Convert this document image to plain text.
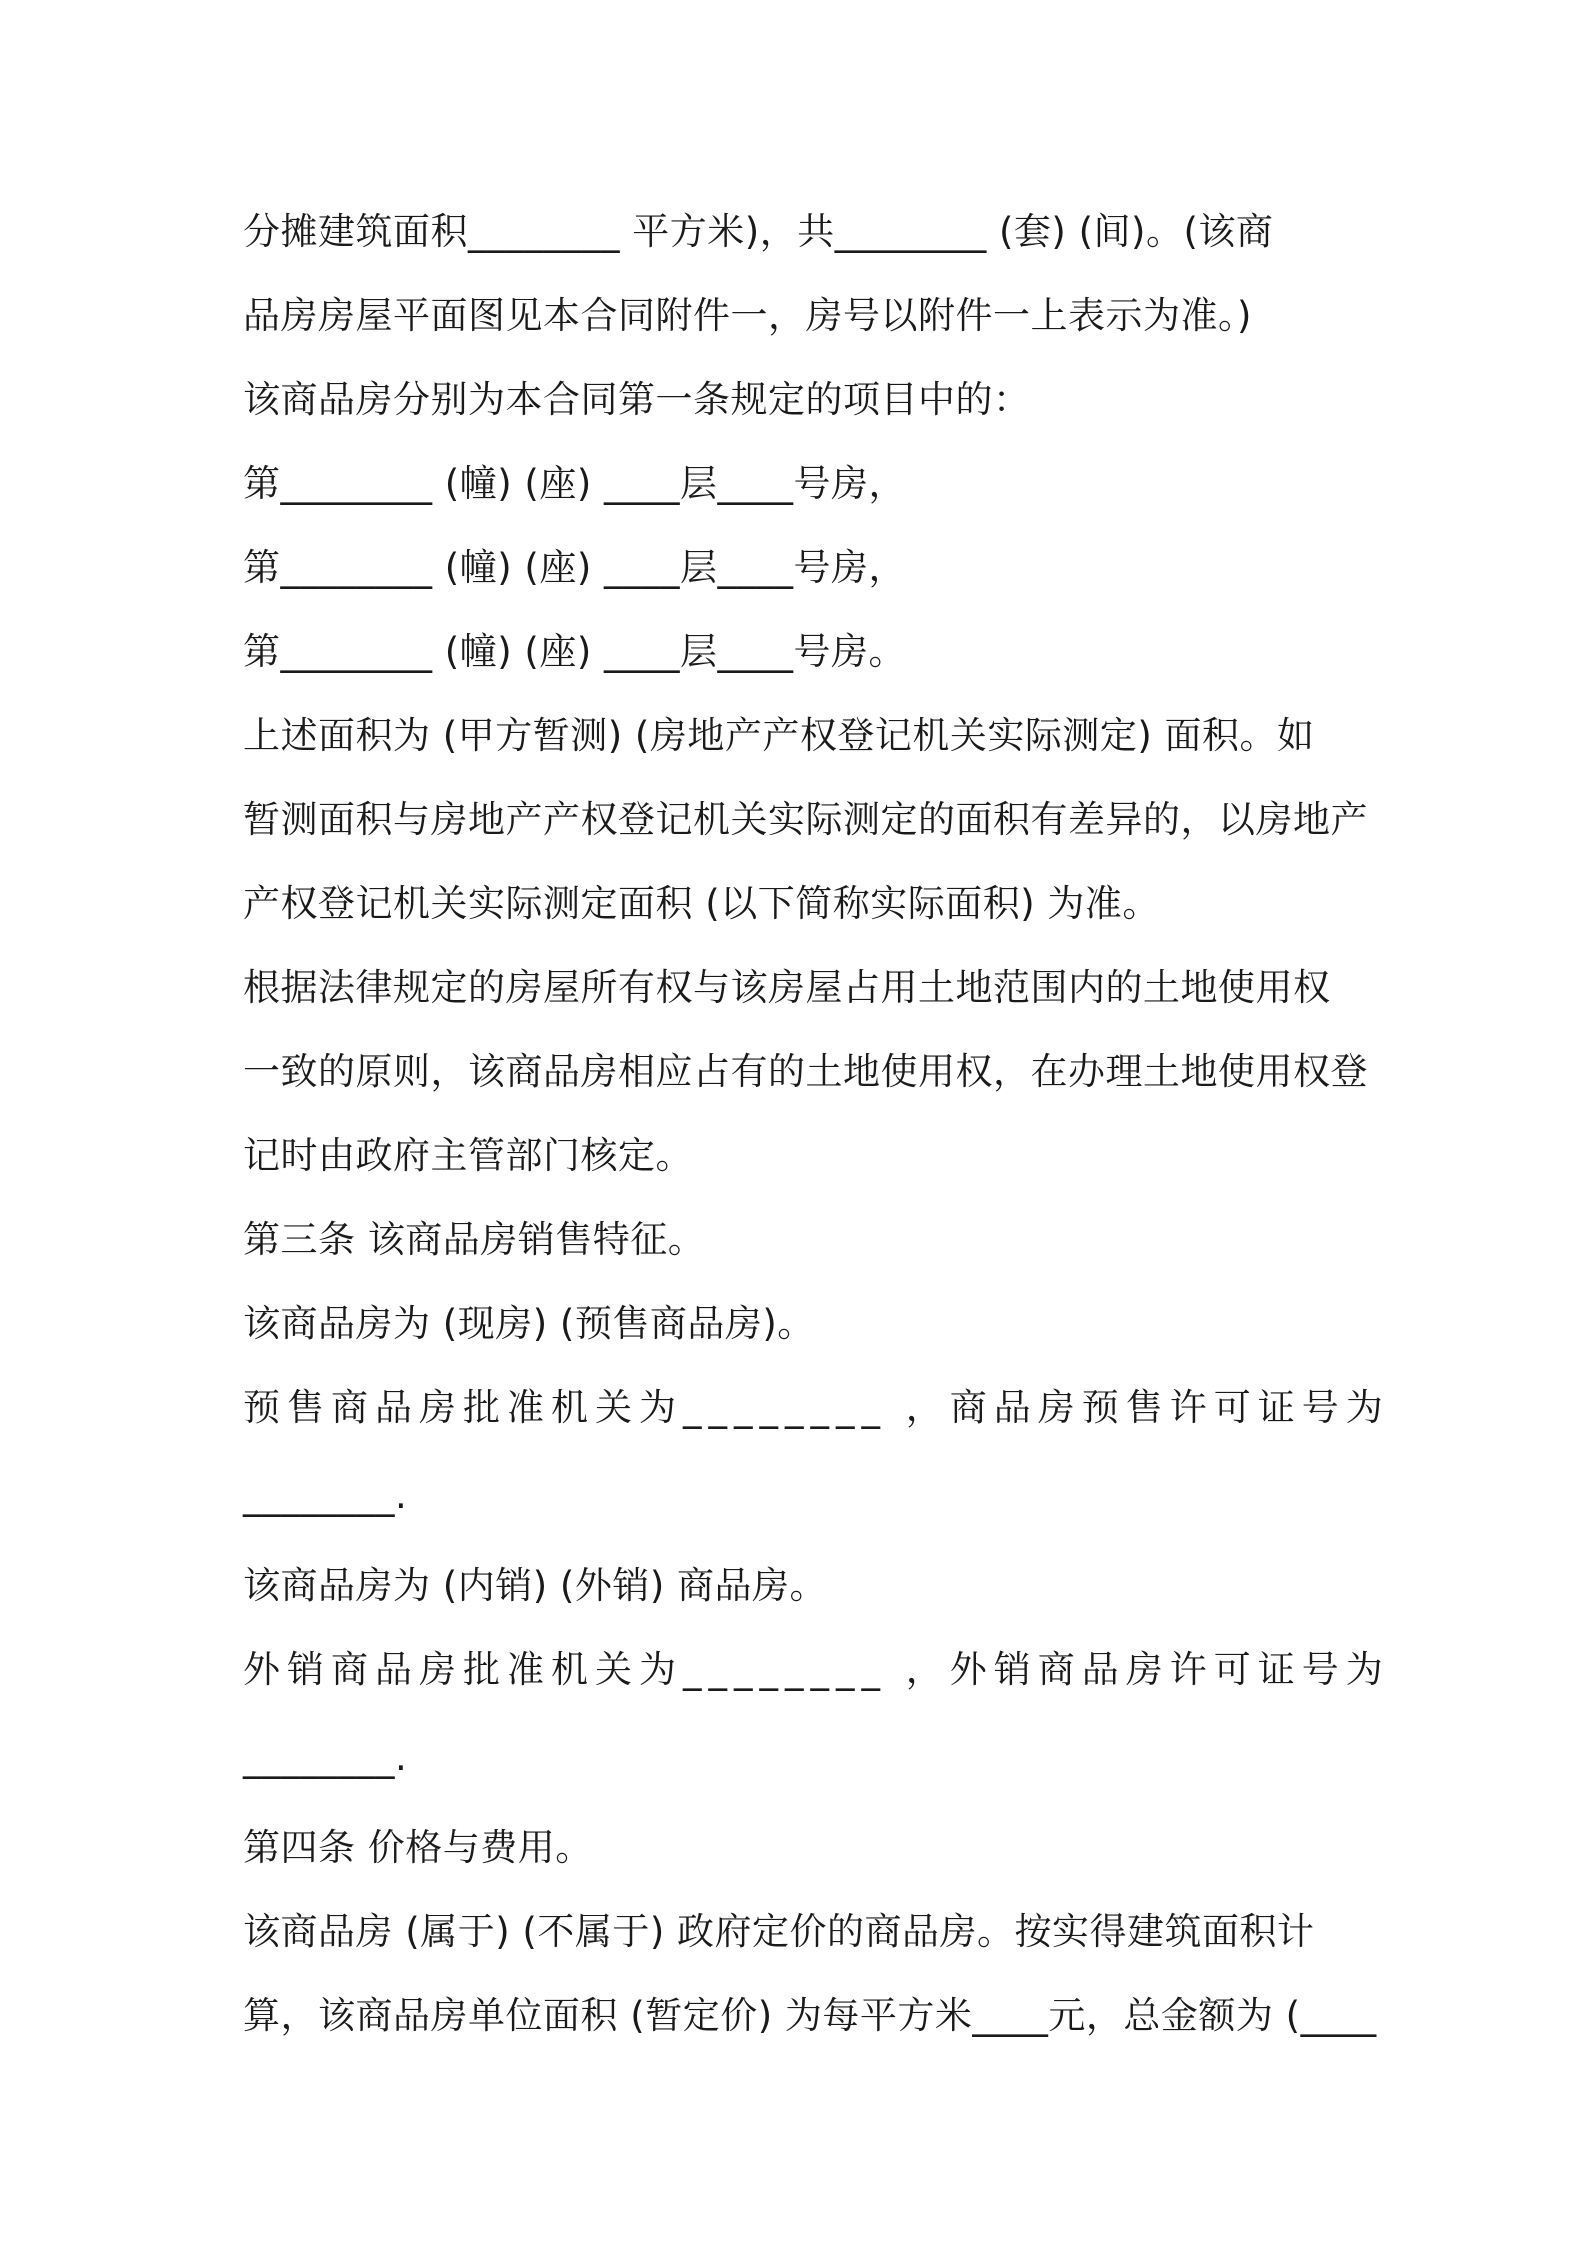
分摊建筑面积________ 平方米)，共________ (套) (间)。(该商
品房房屋平面图见本合同附件一，房号以附件一上表示为准。)
该商品房分别为本合同第一条规定的项目中的：
第________ (幢) (座) ____层____号房，
第________ (幢) (座) ____层____号房，
第________ (幢) (座) ____层____号房。
上述面积为 (甲方暂测) (房地产产权登记机关实际测定) 面积。如
暂测面积与房地产产权登记机关实际测定的面积有差异的，以房地产
产权登记机关实际测定面积 (以下简称实际面积) 为准。
根据法律规定的房屋所有权与该房屋占用土地范围内的土地使用权
一致的原则，该商品房相应占有的土地使用权，在办理土地使用权登
记时由政府主管部门核定。
第三条 该商品房销售特征。
该商品房为 (现房) (预售商品房)。
预售商品房批准机关为________ ，商品房预售许可证号为
________.
该商品房为 (内销) (外销) 商品房。
外销商品房批准机关为________ ，外销商品房许可证号为
________.
第四条 价格与费用。
该商品房 (属于) (不属于) 政府定价的商品房。按实得建筑面积计
算，该商品房单位面积 (暂定价) 为每平方米____元，总金额为 (____
